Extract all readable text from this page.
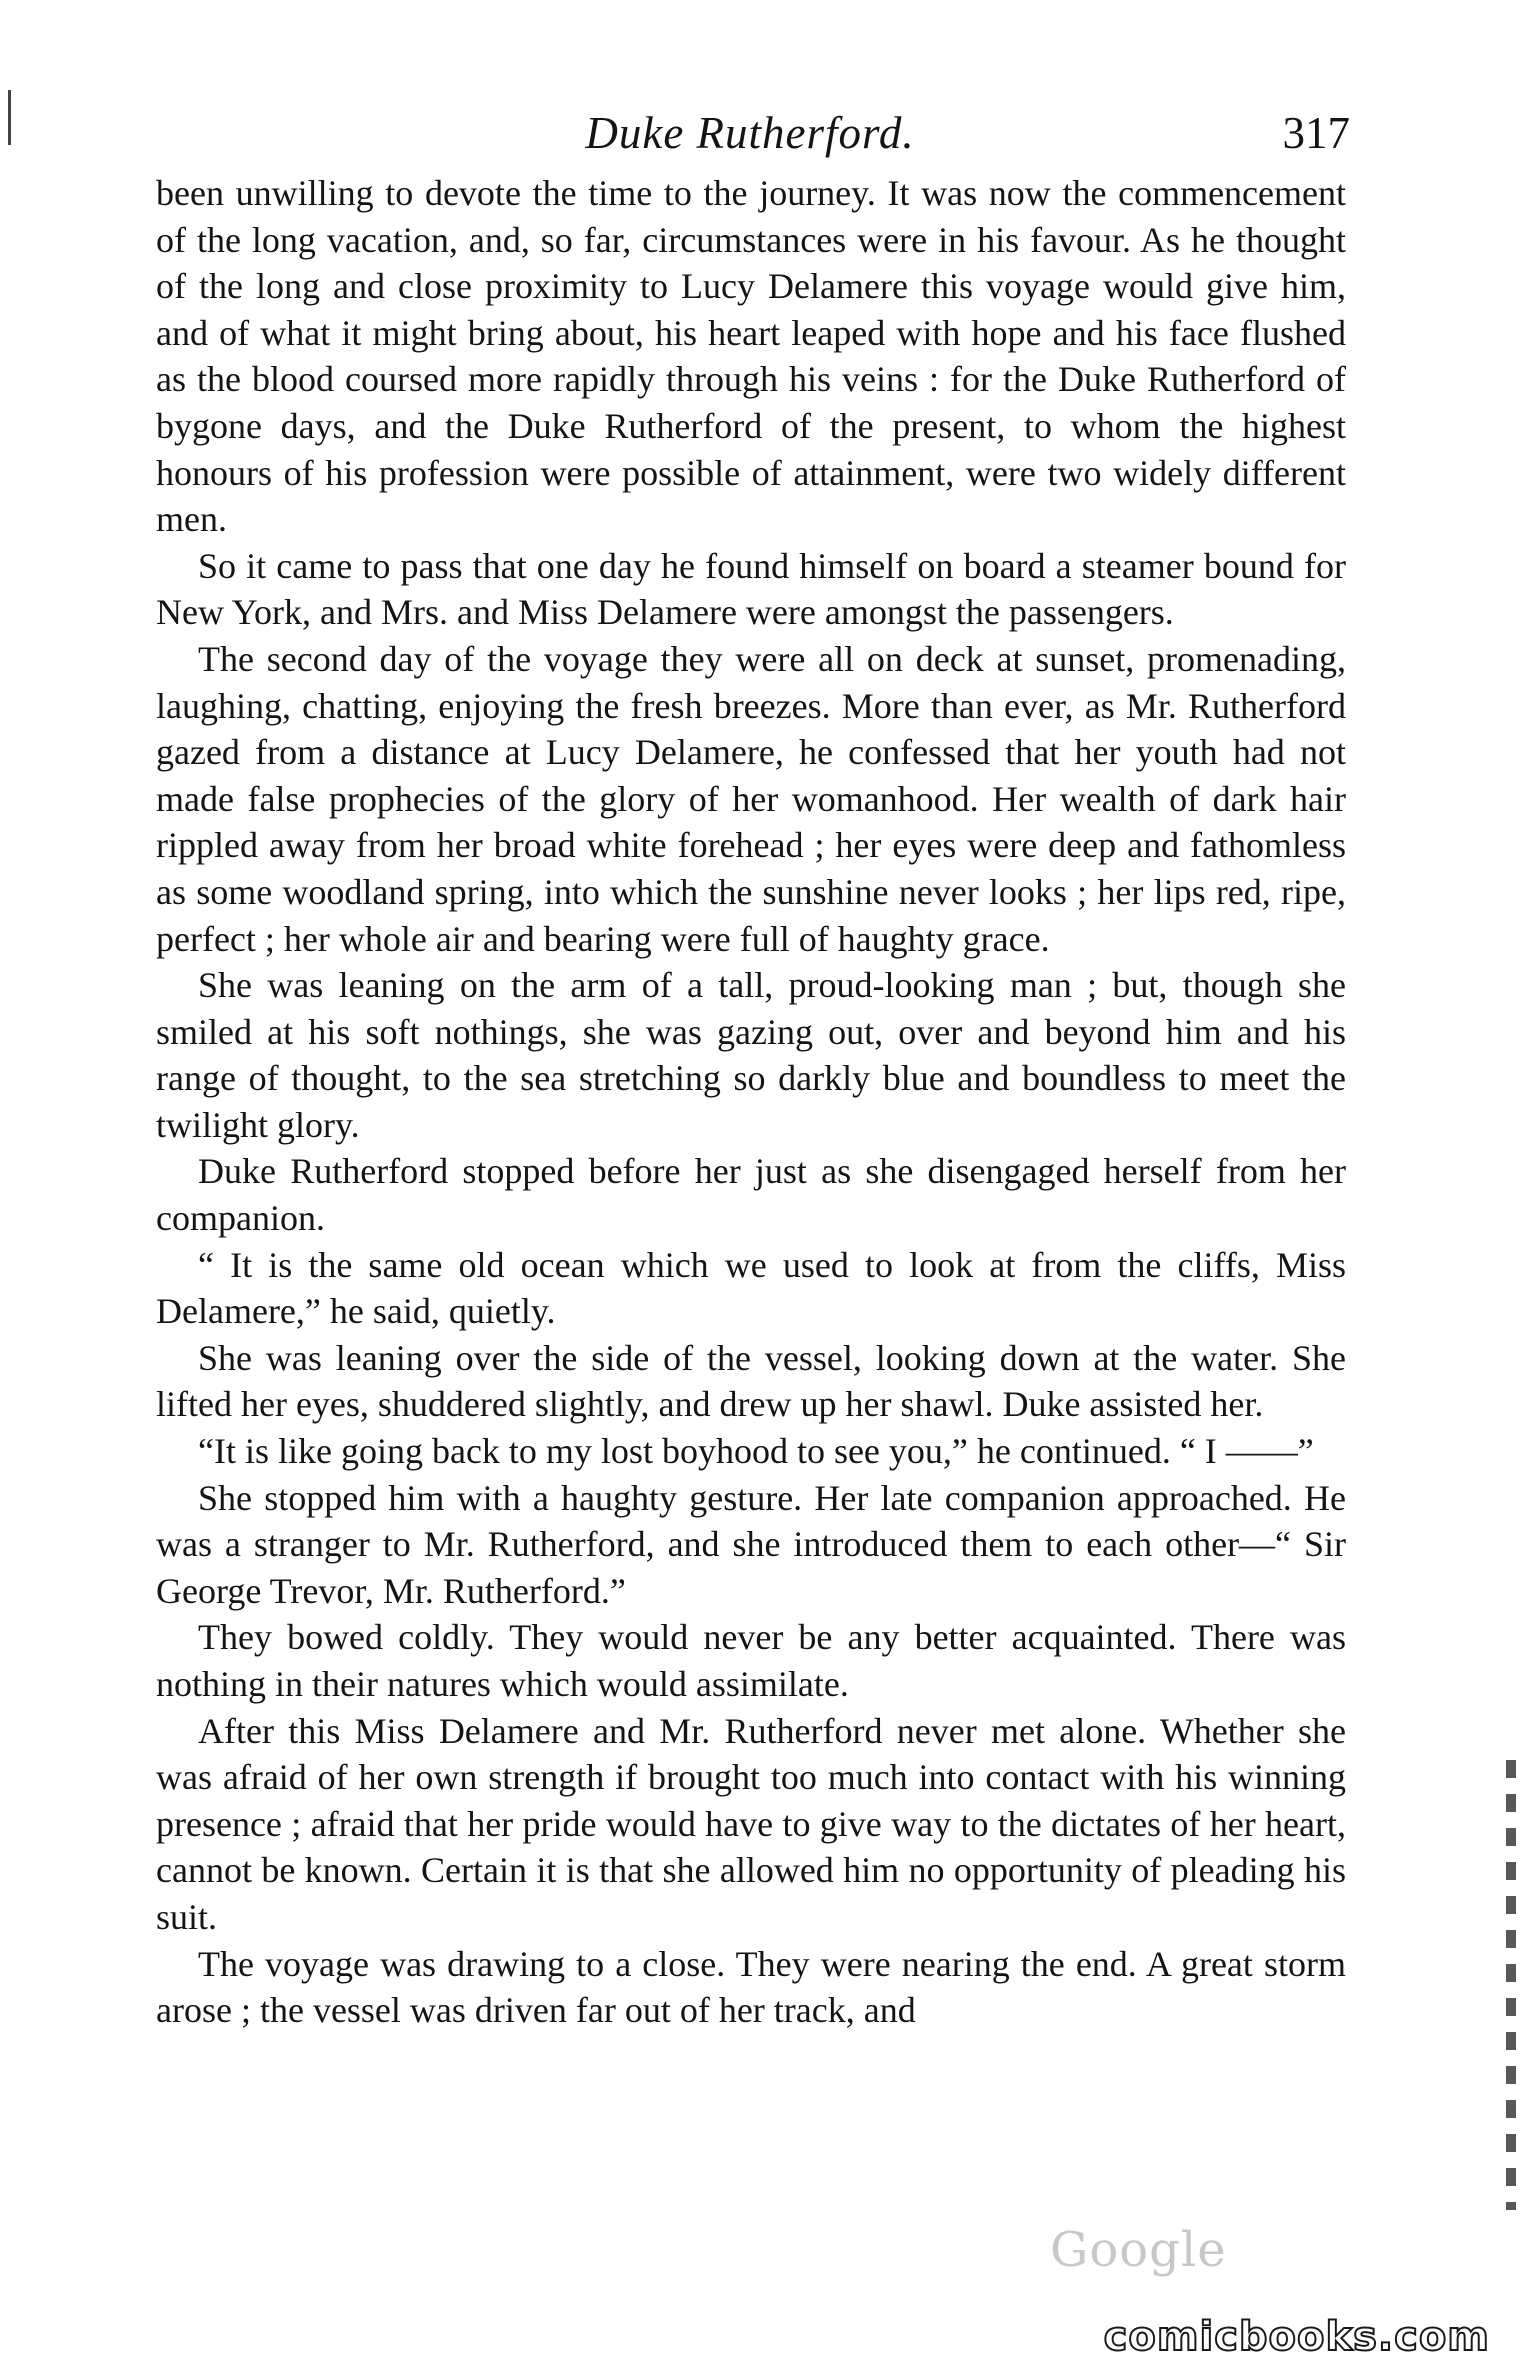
Duke Rutherford.	317

been unwilling to devote the time to the journey. It was now the commencement of the long vacation, and, so far, circumstances were in his favour. As he thought of the long and close proximity to Lucy Delamere this voyage would give him, and of what it might bring about, his heart leaped with hope and his face flushed as the blood coursed more rapidly through his veins : for the Duke Rutherford of bygone days, and the Duke Rutherford of the present, to whom the highest honours of his profession were possible of attainment, were two widely different men.

So it came to pass that one day he found himself on board a steamer bound for New York, and Mrs. and Miss Delamere were amongst the passengers.

The second day of the voyage they were all on deck at sunset, promenading, laughing, chatting, enjoying the fresh breezes. More than ever, as Mr. Rutherford gazed from a distance at Lucy Delamere, he confessed that her youth had not made false prophecies of the glory of her womanhood. Her wealth of dark hair rippled away from her broad white forehead ; her eyes were deep and fathomless as some woodland spring, into which the sunshine never looks ; her lips red, ripe, perfect ; her whole air and bearing were full of haughty grace.

She was leaning on the arm of a tall, proud-looking man ; but, though she smiled at his soft nothings, she was gazing out, over and beyond him and his range of thought, to the sea stretching so darkly blue and boundless to meet the twilight glory.

Duke Rutherford stopped before her just as she disengaged herself from her companion.

“ It is the same old ocean which we used to look at from the cliffs, Miss Delamere,” he said, quietly.

She was leaning over the side of the vessel, looking down at the water. She lifted her eyes, shuddered slightly, and drew up her shawl. Duke assisted her.

“It is like going back to my lost boyhood to see you,” he continued. “ I ——”

She stopped him with a haughty gesture. Her late companion approached. He was a stranger to Mr. Rutherford, and she introduced them to each other—“ Sir George Trevor, Mr. Rutherford.”

They bowed coldly. They would never be any better acquainted. There was nothing in their natures which would assimilate.

After this Miss Delamere and Mr. Rutherford never met alone. Whether she was afraid of her own strength if brought too much into contact with his winning presence ; afraid that her pride would have to give way to the dictates of her heart, cannot be known. Certain it is that she allowed him no opportunity of pleading his suit.

The voyage was drawing to a close. They were nearing the end. A great storm arose ; the vessel was driven far out of her track, and

Google
comicbooks.com
